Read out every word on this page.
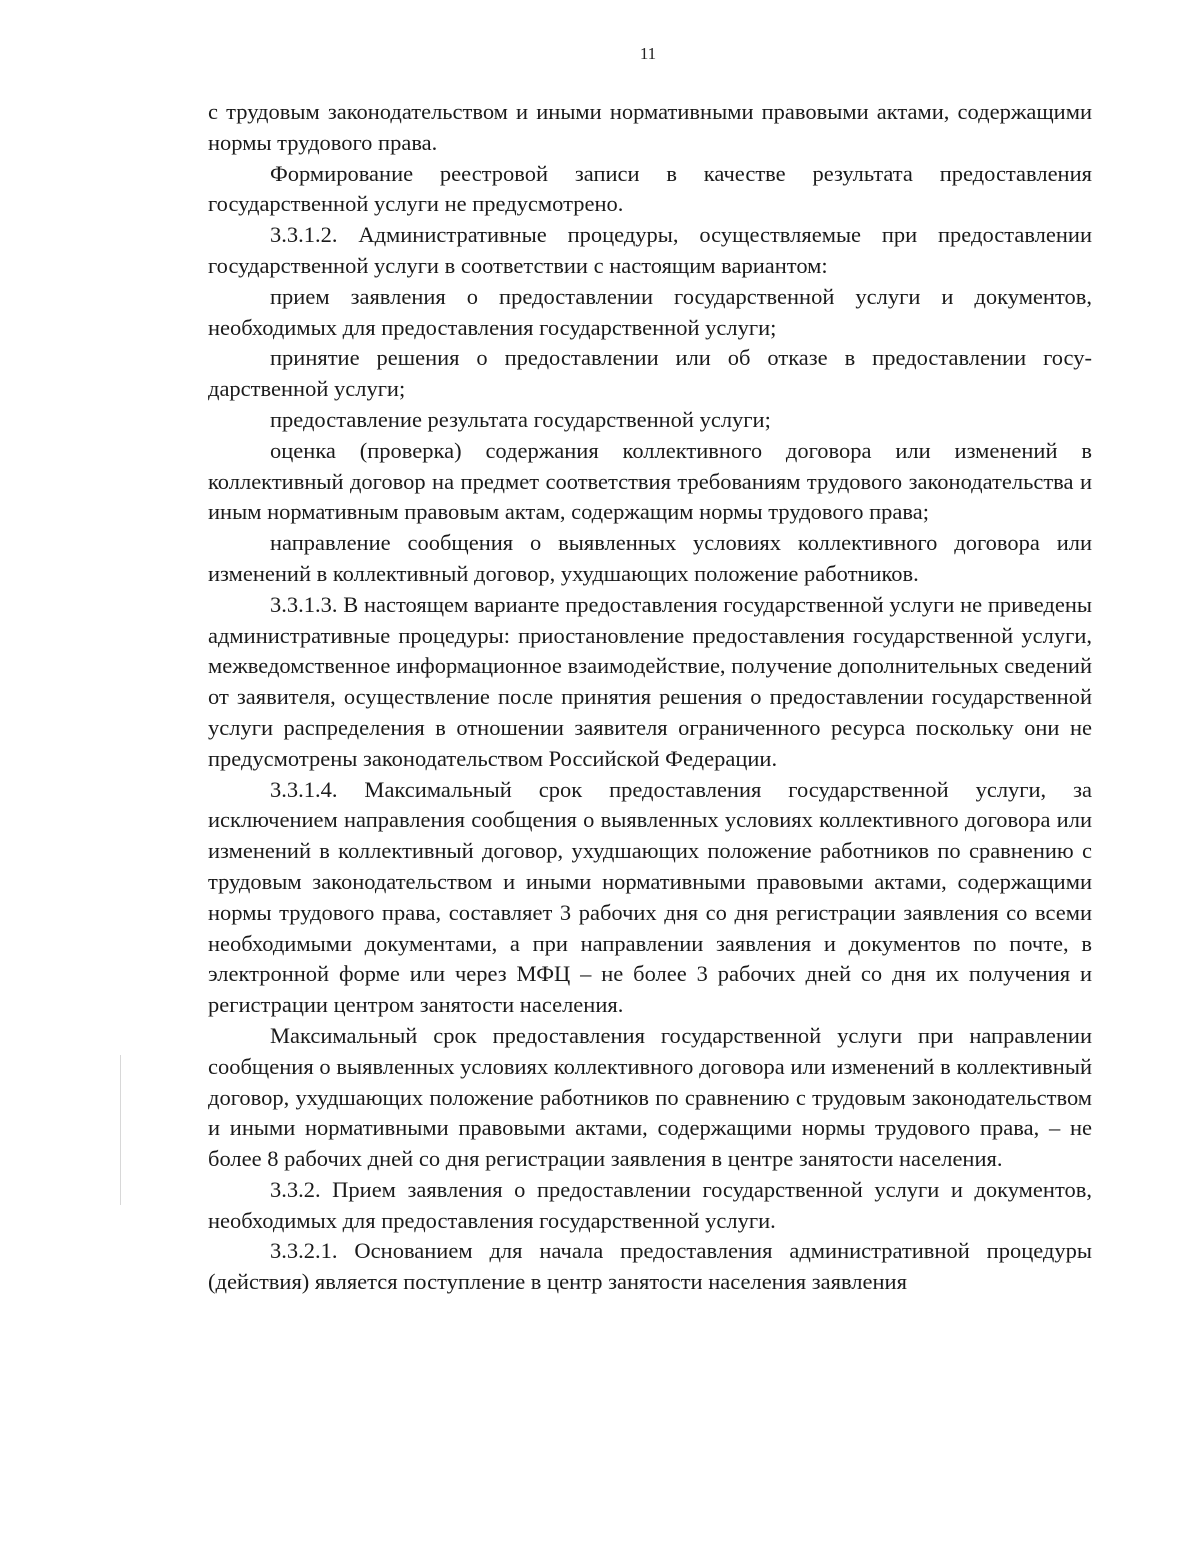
11

с трудовым законодательством и иными нормативными правовыми актами, содержащими нормы трудового права.

Формирование реестровой записи в качестве результата предоставления государственной услуги не предусмотрено.

3.3.1.2. Административные процедуры, осуществляемые при предоставлении государственной услуги в соответствии с настоящим вариантом:

прием заявления о предоставлении государственной услуги и документов, необходимых для предоставления государственной услуги;

принятие решения о предоставлении или об отказе в предоставлении государственной услуги;

предоставление результата государственной услуги;

оценка (проверка) содержания коллективного договора или изменений в коллективный договор на предмет соответствия требованиям трудового законодательства и иным нормативным правовым актам, содержащим нормы трудового права;

направление сообщения о выявленных условиях коллективного договора или изменений в коллективный договор, ухудшающих положение работников.

3.3.1.3. В настоящем варианте предоставления государственной услуги не приведены административные процедуры: приостановление предоставления государственной услуги, межведомственное информационное взаимодействие, получение дополнительных сведений от заявителя, осуществление после принятия решения о предоставлении государственной услуги распределения в отношении заявителя ограниченного ресурса поскольку они не предусмотрены законодательством Российской Федерации.

3.3.1.4. Максимальный срок предоставления государственной услуги, за исключением направления сообщения о выявленных условиях коллективного договора или изменений в коллективный договор, ухудшающих положение работников по сравнению с трудовым законодательством и иными нормативными правовыми актами, содержащими нормы трудового права, составляет 3 рабочих дня со дня регистрации заявления со всеми необходимыми документами, а при направлении заявления и документов по почте, в электронной форме или через МФЦ – не более 3 рабочих дней со дня их получения и регистрации центром занятости населения.

Максимальный срок предоставления государственной услуги при направлении сообщения о выявленных условиях коллективного договора или изменений в коллективный договор, ухудшающих положение работников по сравнению с трудовым законодательством и иными нормативными правовыми актами, содержащими нормы трудового права, – не более 8 рабочих дней со дня регистрации заявления в центре занятости населения.

3.3.2. Прием заявления о предоставлении государственной услуги и документов, необходимых для предоставления государственной услуги.

3.3.2.1. Основанием для начала предоставления административной процедуры (действия) является поступление в центр занятости населения заявления
